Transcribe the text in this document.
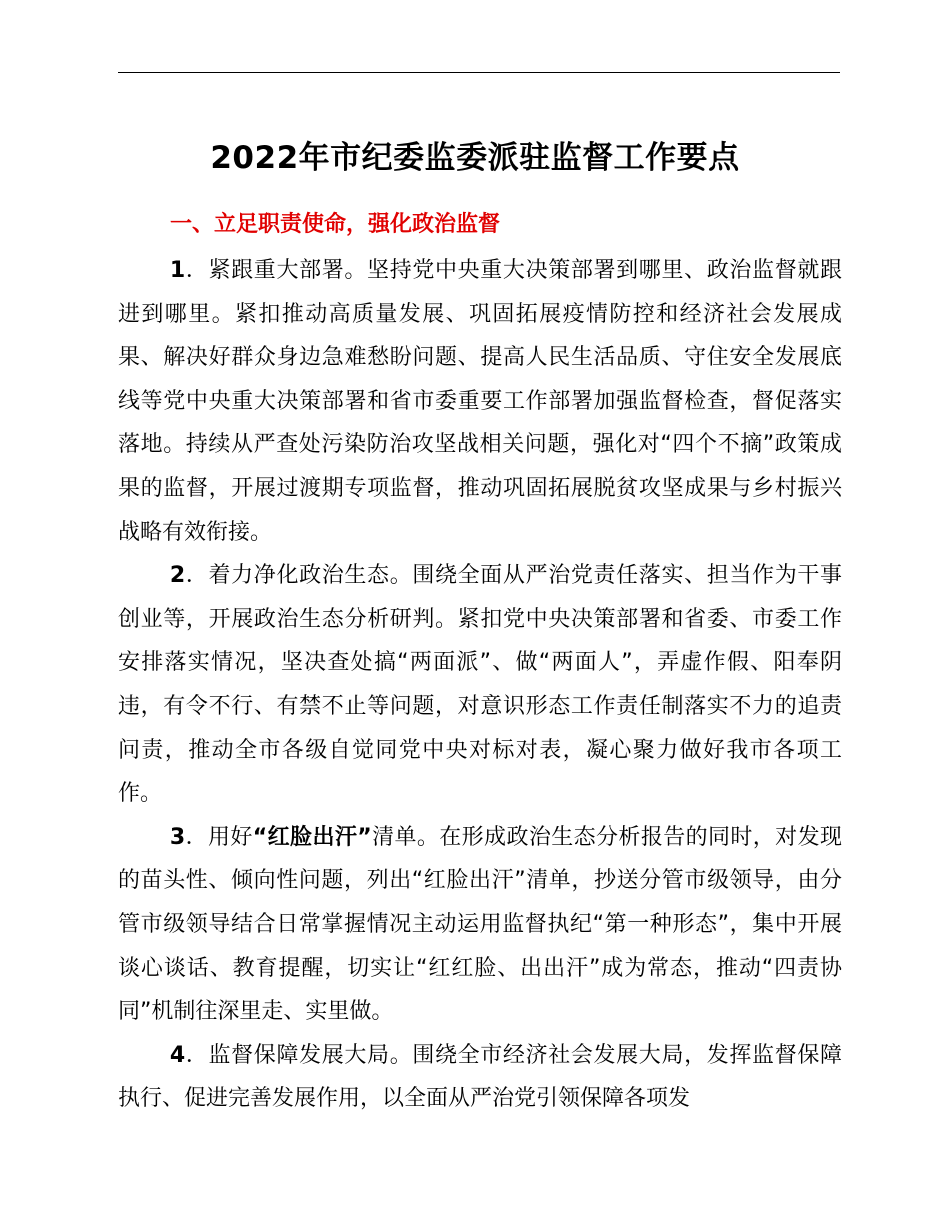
2022年市纪委监委派驻监督工作要点
一、立足职责使命，强化政治监督

1．紧跟重大部署。坚持党中央重大决策部署到哪里、政治监督就跟进到哪里。紧扣推动高质量发展、巩固拓展疫情防控和经济社会发展成果、解决好群众身边急难愁盼问题、提高人民生活品质、守住安全发展底线等党中央重大决策部署和省市委重要工作部署加强监督检查，督促落实落地。持续从严查处污染防治攻坚战相关问题，强化对“四个不摘”政策成果的监督，开展过渡期专项监督，推动巩固拓展脱贫攻坚成果与乡村振兴战略有效衔接。

2．着力净化政治生态。围绕全面从严治党责任落实、担当作为干事创业等，开展政治生态分析研判。紧扣党中央决策部署和省委、市委工作安排落实情况，坚决查处搞“两面派”、做“两面人”，弄虚作假、阳奉阴违，有令不行、有禁不止等问题，对意识形态工作责任制落实不力的追责问责，推动全市各级自觉同党中央对标对表，凝心聚力做好我市各项工作。

3．用好“红脸出汗”清单。在形成政治生态分析报告的同时，对发现的苗头性、倾向性问题，列出“红脸出汗”清单，抄送分管市级领导，由分管市级领导结合日常掌握情况主动运用监督执纪“第一种形态”，集中开展谈心谈话、教育提醒，切实让“红红脸、出出汗”成为常态，推动“四责协同”机制往深里走、实里做。

4．监督保障发展大局。围绕全市经济社会发展大局，发挥监督保障执行、促进完善发展作用，以全面从严治党引领保障各项发
